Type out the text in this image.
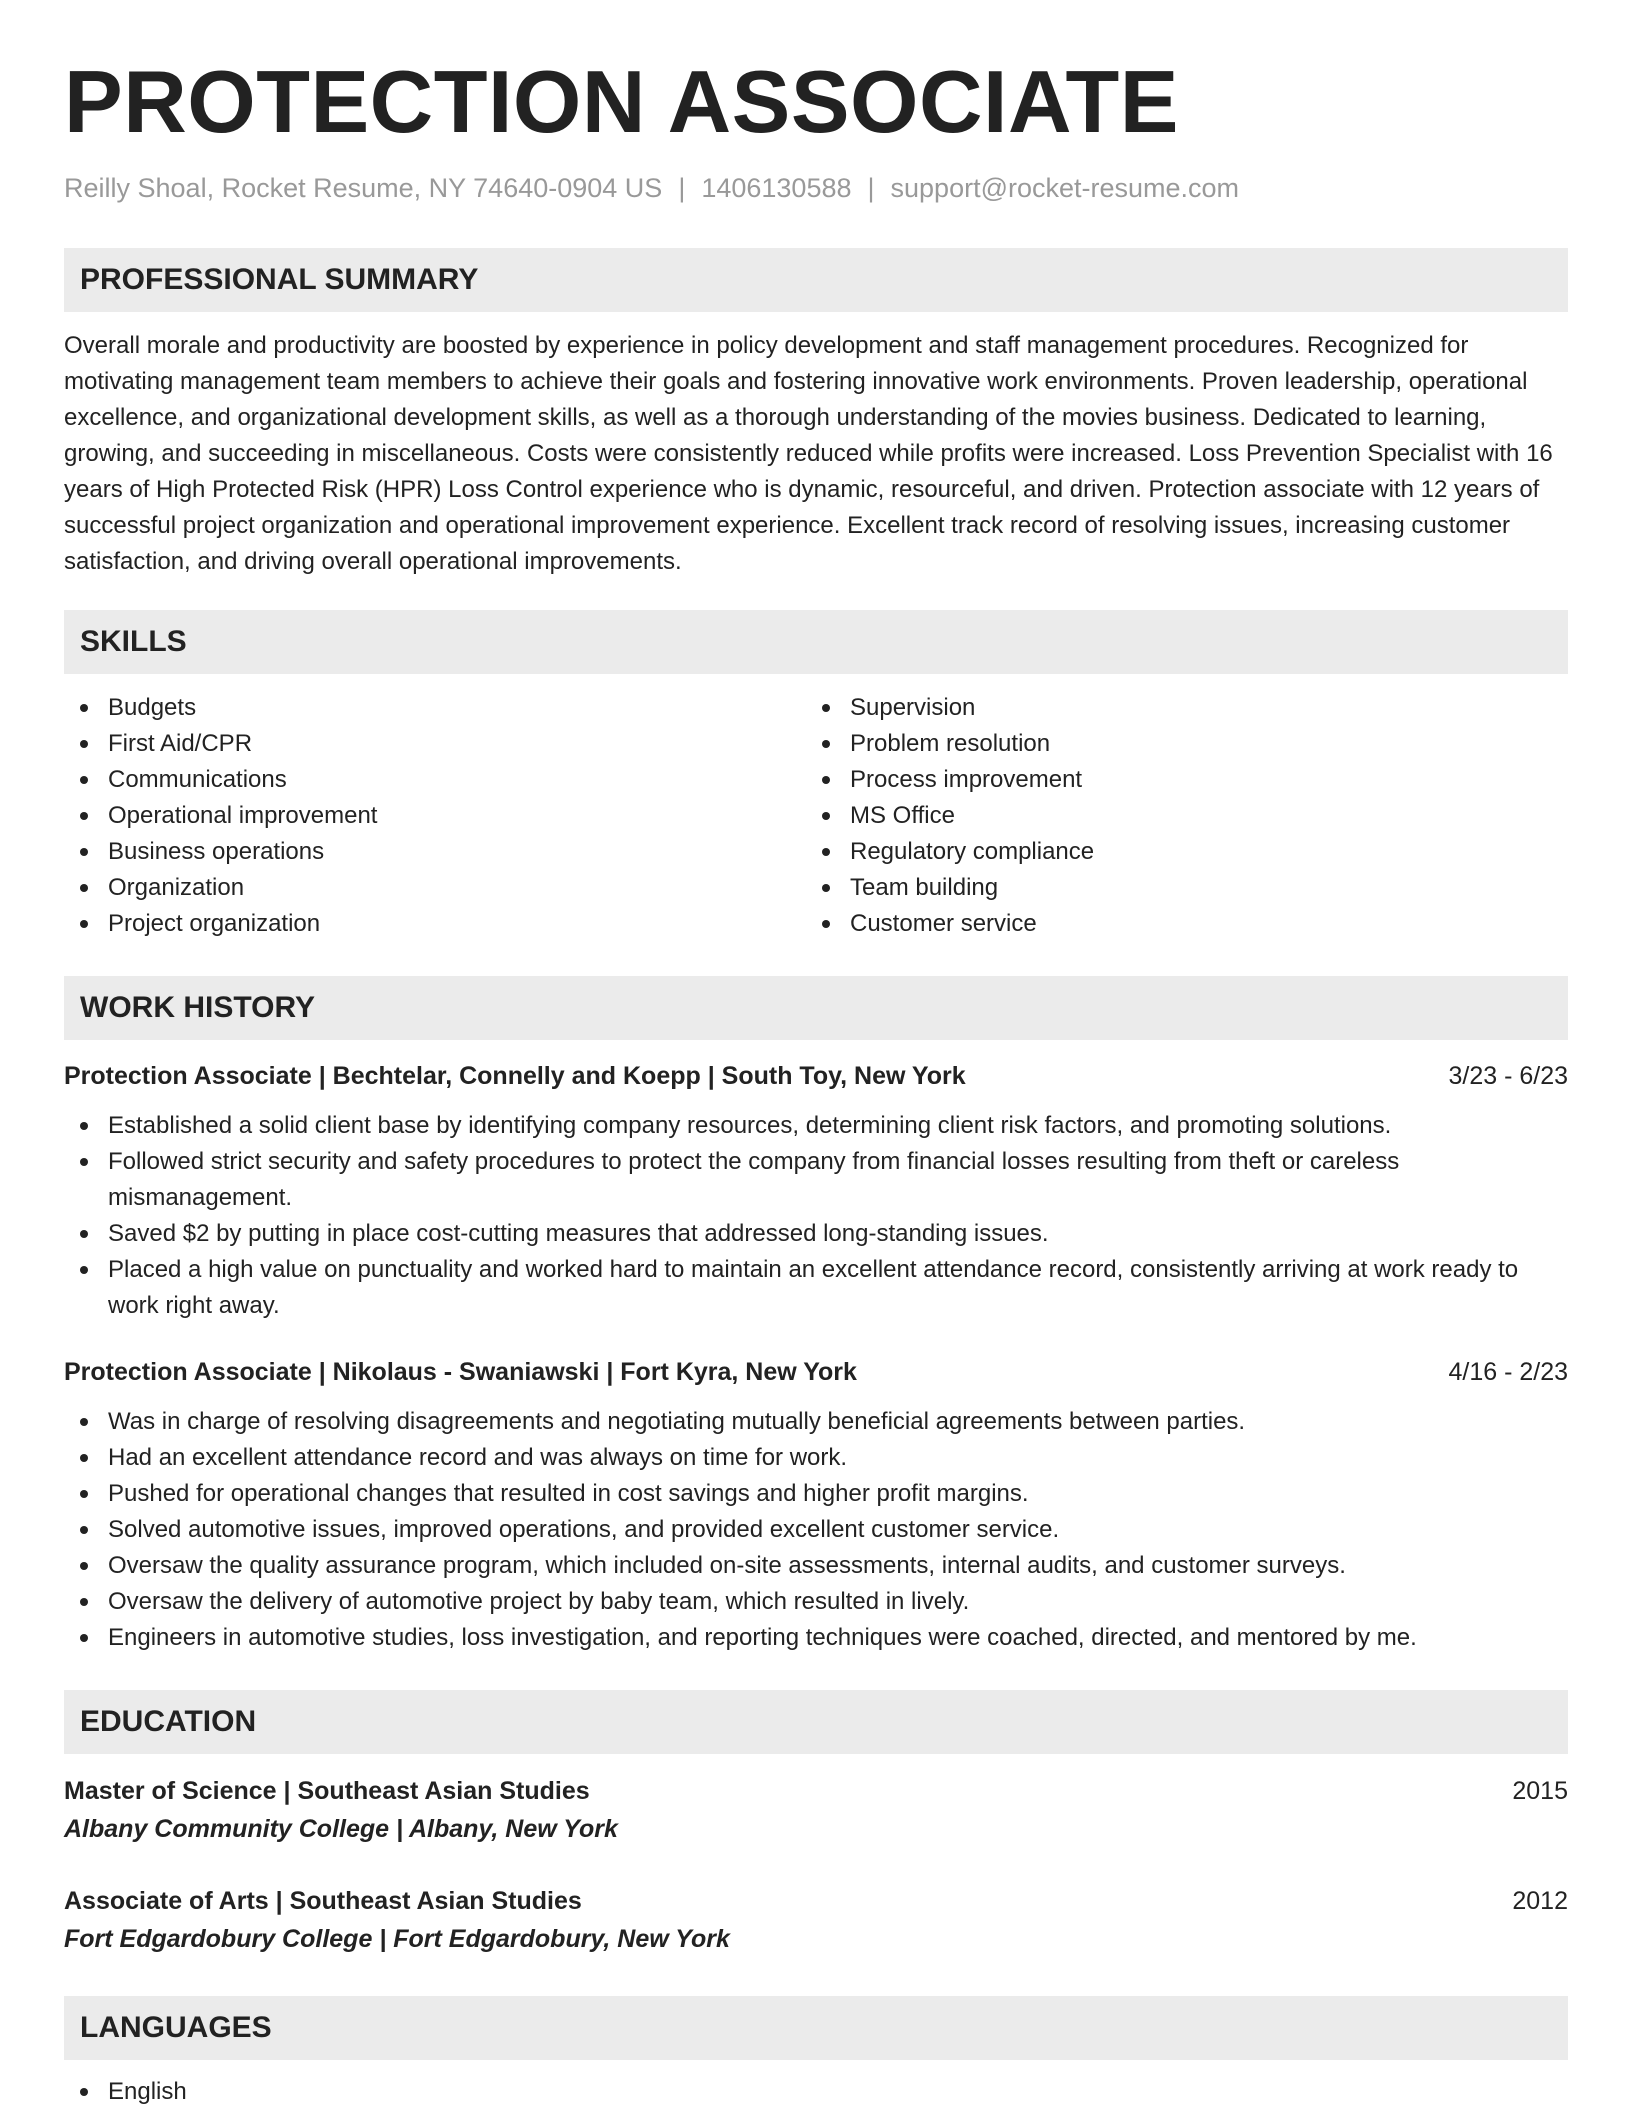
PROTECTION ASSOCIATE
Reilly Shoal, Rocket Resume, NY 74640-0904 US | 1406130588 | support@rocket-resume.com
PROFESSIONAL SUMMARY

Overall morale and productivity are boosted by experience in policy development and staff management procedures. Recognized for motivating management team members to achieve their goals and fostering innovative work environments. Proven leadership, operational excellence, and organizational development skills, as well as a thorough understanding of the movies business. Dedicated to learning, growing, and succeeding in miscellaneous. Costs were consistently reduced while profits were increased. Loss Prevention Specialist with 16 years of High Protected Risk (HPR) Loss Control experience who is dynamic, resourceful, and driven. Protection associate with 12 years of successful project organization and operational improvement experience. Excellent track record of resolving issues, increasing customer satisfaction, and driving overall operational improvements.

SKILLS
Budgets
First Aid/CPR
Communications
Operational improvement
Business operations
Organization
Project organization
Supervision
Problem resolution
Process improvement
MS Office
Regulatory compliance
Team building
Customer service
WORK HISTORY
Protection Associate | Bechtelar, Connelly and Koepp | South Toy, New York	3/23 - 6/23
Established a solid client base by identifying company resources, determining client risk factors, and promoting solutions.
Followed strict security and safety procedures to protect the company from financial losses resulting from theft or careless mismanagement.
Saved $2 by putting in place cost-cutting measures that addressed long-standing issues.
Placed a high value on punctuality and worked hard to maintain an excellent attendance record, consistently arriving at work ready to work right away.
Protection Associate | Nikolaus - Swaniawski | Fort Kyra, New York	4/16 - 2/23
Was in charge of resolving disagreements and negotiating mutually beneficial agreements between parties.
Had an excellent attendance record and was always on time for work.
Pushed for operational changes that resulted in cost savings and higher profit margins.
Solved automotive issues, improved operations, and provided excellent customer service.
Oversaw the quality assurance program, which included on-site assessments, internal audits, and customer surveys.
Oversaw the delivery of automotive project by baby team, which resulted in lively.
Engineers in automotive studies, loss investigation, and reporting techniques were coached, directed, and mentored by me.
EDUCATION
Master of Science | Southeast Asian Studies	2015
Albany Community College | Albany, New York
Associate of Arts | Southeast Asian Studies	2012
Fort Edgardobury College | Fort Edgardobury, New York
LANGUAGES
English
